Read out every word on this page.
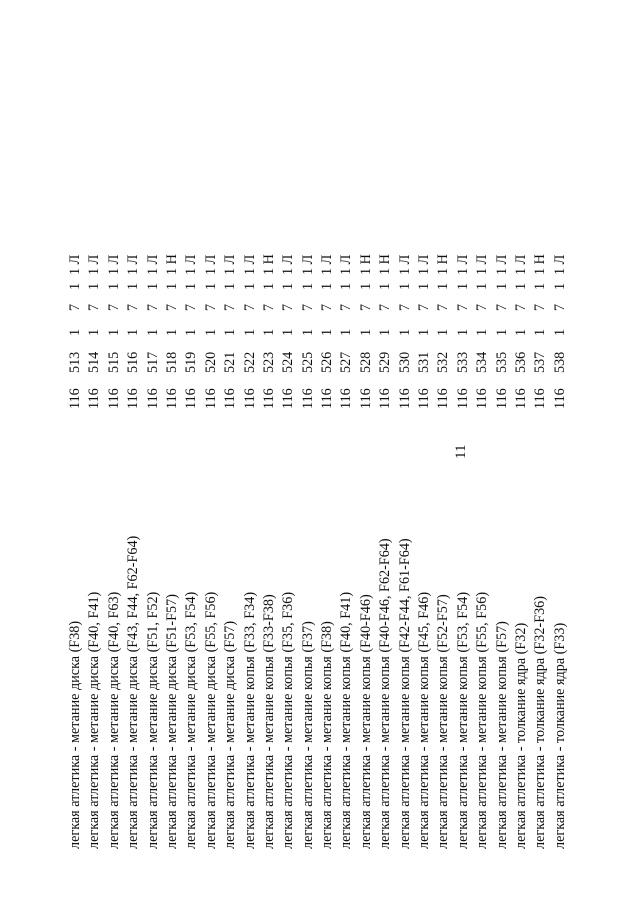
11
легкая атлетика - метание диска (F38)
116
513
1
7
1
1 Л
легкая атлетика - метание диска (F40, F41)
116
514
1
7
1
1 Л
легкая атлетика - метание диска (F40, F63)
116
515
1
7
1
1 Л
легкая атлетика - метание диска (F43, F44, F62-F64)
116
516
1
7
1
1 Л
легкая атлетика - метание диска (F51, F52)
116
517
1
7
1
1 Л
легкая атлетика - метание диска (F51-F57)
116
518
1
7
1
1 Н
легкая атлетика - метание диска (F53, F54)
116
519
1
7
1
1 Л
легкая атлетика - метание диска (F55, F56)
116
520
1
7
1
1 Л
легкая атлетика - метание диска (F57)
116
521
1
7
1
1 Л
легкая атлетика - метание копья (F33, F34)
116
522
1
7
1
1 Л
легкая атлетика - метание копья (F33-F38)
116
523
1
7
1
1 Н
легкая атлетика - метание копья (F35, F36)
116
524
1
7
1
1 Л
легкая атлетика - метание копья (F37)
116
525
1
7
1
1 Л
легкая атлетика - метание копья (F38)
116
526
1
7
1
1 Л
легкая атлетика - метание копья (F40, F41)
116
527
1
7
1
1 Л
легкая атлетика - метание копья (F40-F46)
116
528
1
7
1
1 Н
легкая атлетика - метание копья (F40-F46, F62-F64)
116
529
1
7
1
1 Н
легкая атлетика - метание копья (F42-F44, F61-F64)
116
530
1
7
1
1 Л
легкая атлетика - метание копья (F45, F46)
116
531
1
7
1
1 Л
легкая атлетика - метание копья (F52-F57)
116
532
1
7
1
1 Н
легкая атлетика - метание копья (F53, F54)
116
533
1
7
1
1 Л
легкая атлетика - метание копья (F55, F56)
116
534
1
7
1
1 Л
легкая атлетика - метание копья (F57)
116
535
1
7
1
1 Л
легкая атлетика - толкание ядра (F32)
116
536
1
7
1
1 Л
легкая атлетика - толкание ядра (F32-F36)
116
537
1
7
1
1 Н
легкая атлетика - толкание ядра (F33)
116
538
1
7
1
1 Л
